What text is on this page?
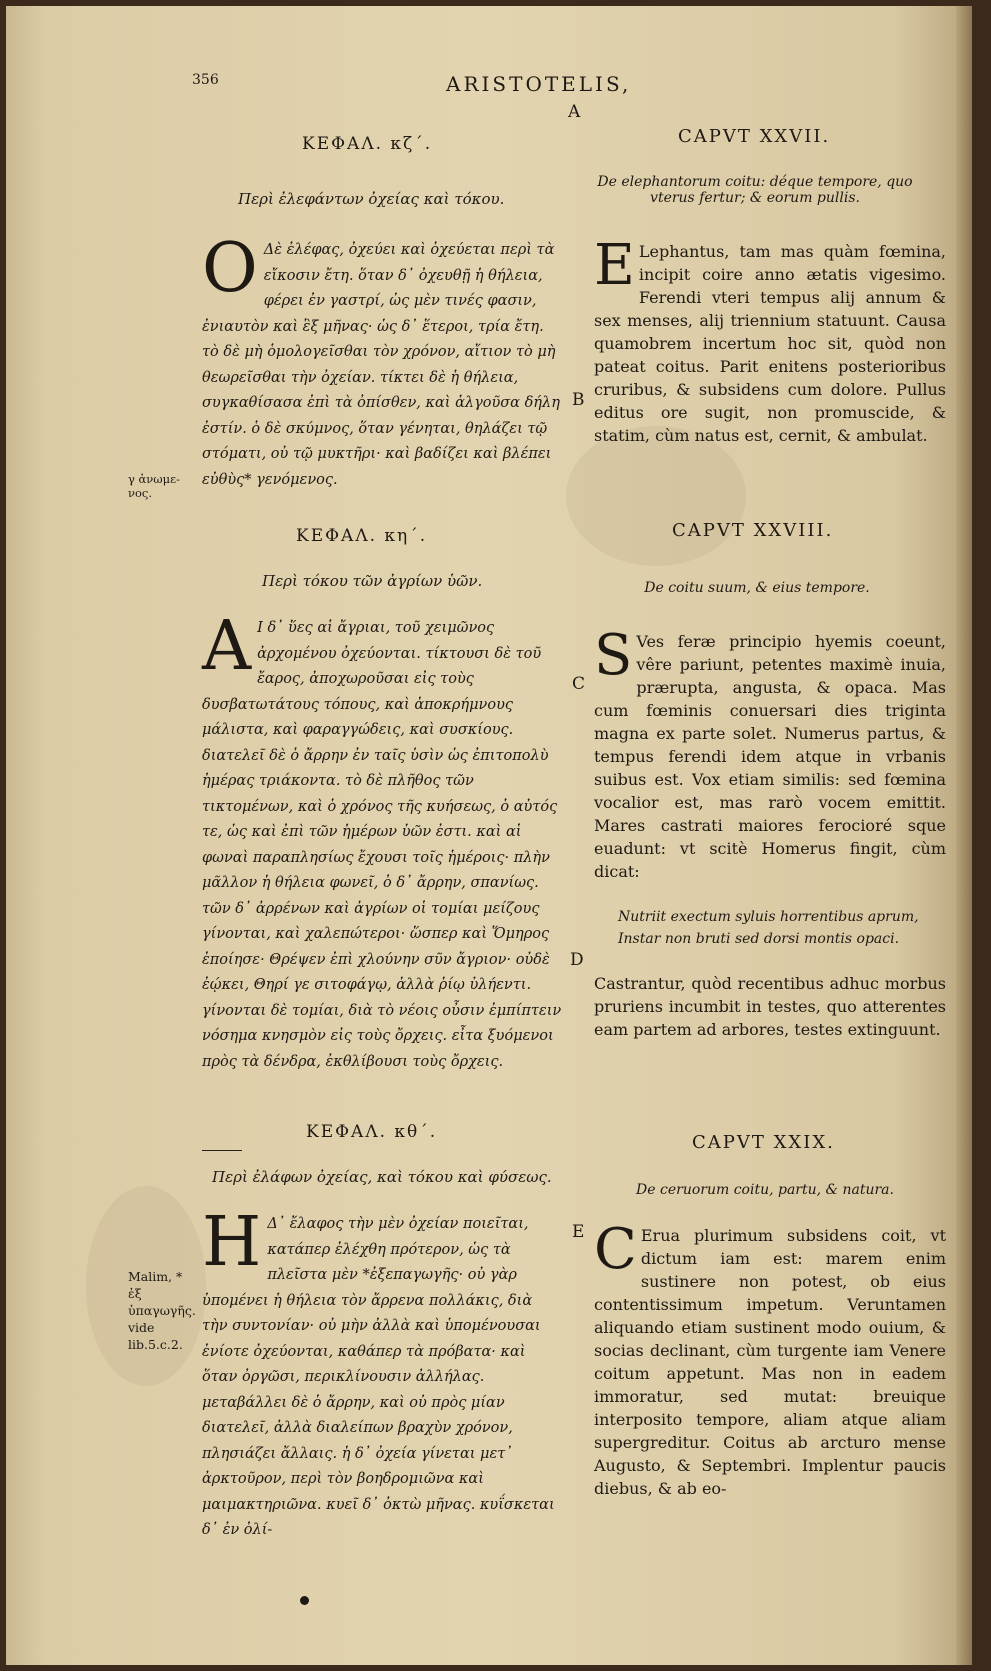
356	ARISTOTELIS,
A
ΚΕΦΑΛ. κζ΄.
Περὶ ἐλεφάντων ὀχείας καὶ τόκου.
Ο Δὲ ἐλέφας, ὀχεύει καὶ ὀχεύεται περὶ τὰ εἴκοσιν ἔτη. ὅταν δ᾽ ὀχευθῇ ἡ θήλεια, φέρει ἐν γαστρί, ὡς μὲν τινές φασιν, ἐνιαυτὸν καὶ ἓξ μῆνας· ὡς δ᾽ ἕτεροι, τρία ἔτη. τὸ δὲ μὴ ὁμολογεῖσθαι τὸν χρόνον, αἴτιον τὸ μὴ θεωρεῖσθαι τὴν ὀχείαν. τίκτει δὲ ἡ θήλεια, συγκαθίσασα ἐπὶ τὰ ὀπίσθεν, καὶ ἀλγοῦσα δήλη ἐστίν. ὁ δὲ σκύμνος, ὅταν γένηται, θηλάζει τῷ στόματι, οὐ τῷ μυκτῆρι· καὶ βαδίζει καὶ βλέπει εὐθὺς* γενόμενος.
γ ἀνωμε- νος.
B
CAPVT XXVII.
De elephantorum coitu: déque tempore, quo vterus fertur; & eorum pullis.
E Lephantus, tam mas quàm fœmina, incipit coire anno ætatis vigesimo. Ferendi vteri tempus alij annum & sex menses, alij triennium statuunt. Causa quamobrem incertum hoc sit, quòd non pateat coitus. Parit enitens posterioribus cruribus, & subsidens cum dolore. Pullus editus ore sugit, non promuscide, & statim, cùm natus est, cernit, & ambulat.
ΚΕΦΑΛ. κη΄.
Περὶ τόκου τῶν ἀγρίων ὑῶν.
Α Ι δ᾽ ὕες αἱ ἄγριαι, τοῦ χειμῶνος ἀρχομένου ὀχεύονται. τίκτουσι δὲ τοῦ ἔαρος, ἀποχωροῦσαι εἰς τοὺς δυσβατωτάτους τόπους, καὶ ἀποκρήμνους μάλιστα, καὶ φαραγγώδεις, καὶ συσκίους. διατελεῖ δὲ ὁ ἄρρην ἐν ταῖς ὑσὶν ὡς ἐπιτοπολὺ ἡμέρας τριάκοντα. τὸ δὲ πλῆθος τῶν τικτομένων, καὶ ὁ χρόνος τῆς κυήσεως, ὁ αὐτός τε, ὡς καὶ ἐπὶ τῶν ἡμέρων ὑῶν ἐστι. καὶ αἱ φωναὶ παραπλησίως ἔχουσι τοῖς ἡμέροις· πλὴν μᾶλλον ἡ θήλεια φωνεῖ, ὁ δ᾽ ἄρρην, σπανίως. τῶν δ᾽ ἀρρένων καὶ ἀγρίων οἱ τομίαι μείζους γίνονται, καὶ χαλεπώτεροι· ὥσπερ καὶ Ὅμηρος ἐποίησε· Θρέψεν ἐπὶ χλούνην σῦν ἄγριον· οὐδὲ ἐῴκει, Θηρί γε σιτοφάγῳ, ἀλλὰ ῥίῳ ὑλήεντι. γίνονται δὲ τομίαι, διὰ τὸ νέοις οὖσιν ἐμπίπτειν νόσημα κνησμὸν εἰς τοὺς ὄρχεις. εἶτα ξυόμενοι πρὸς τὰ δένδρα, ἐκθλίβουσι τοὺς ὄρχεις.
C
D
CAPVT XXVIII.
De coitu suum, & eius tempore.
S Ves feræ principio hyemis coeunt, vêre pariunt, petentes maximè inuia, prærupta, angusta, & opaca. Mas cum fœminis conuersari dies triginta magna ex parte solet. Numerus partus, & tempus ferendi idem atque in vrbanis suibus est. Vox etiam similis: sed fœmina vocalior est, mas rarò vocem emittit. Mares castrati maiores ferocioré sque euadunt: vt scitè Homerus fingit, cùm dicat:
Nutriit exectum syluis horrentibus aprum,
Instar non bruti sed dorsi montis opaci.
Castrantur, quòd recentibus adhuc morbus pruriens incumbit in testes, quo atterentes eam partem ad arbores, testes extinguunt.
ΚΕΦΑΛ. κθ΄.
Περὶ ἐλάφων ὀχείας, καὶ τόκου καὶ φύσεως.
Η Δ᾽ ἔλαφος τὴν μὲν ὀχείαν ποιεῖται, κατάπερ ἐλέχθη πρότερον, ὡς τὰ πλεῖστα μὲν *ἐξεπαγωγῆς· οὐ γὰρ ὑπομένει ἡ θήλεια τὸν ἄρρενα πολλάκις, διὰ τὴν συντονίαν· οὐ μὴν ἀλλὰ καὶ ὑπομένουσαι ἐνίοτε ὀχεύονται, καθάπερ τὰ πρόβατα· καὶ ὅταν ὀργῶσι, περικλίνουσιν ἀλλήλας. μεταβάλλει δὲ ὁ ἄρρην, καὶ οὐ πρὸς μίαν διατελεῖ, ἀλλὰ διαλείπων βραχὺν χρόνον, πλησιάζει ἄλλαις. ἡ δ᾽ ὀχεία γίνεται μετ᾽ ἀρκτοῦρον, περὶ τὸν βοηδρομιῶνα καὶ μαιμακτηριῶνα. κυεῖ δ᾽ ὀκτὼ μῆνας. κυΐσκεται δ᾽ ἐν ὀλί-
Malim, * ἐξ ὑπαγωγῆς. vide lib.5.c.2.
E
CAPVT XXIX.
De ceruorum coitu, partu, & natura.
C Erua plurimum subsidens coit, vt dictum iam est: marem enim sustinere non potest, ob eius contentissimum impetum. Veruntamen aliquando etiam sustinent modo ouium, & socias declinant, cùm turgente iam Venere coitum appetunt. Mas non in eadem immoratur, sed mutat: breuique interposito tempore, aliam atque aliam supergreditur. Coitus ab arcturo mense Augusto, & Septembri. Implentur paucis diebus, & ab eo-
